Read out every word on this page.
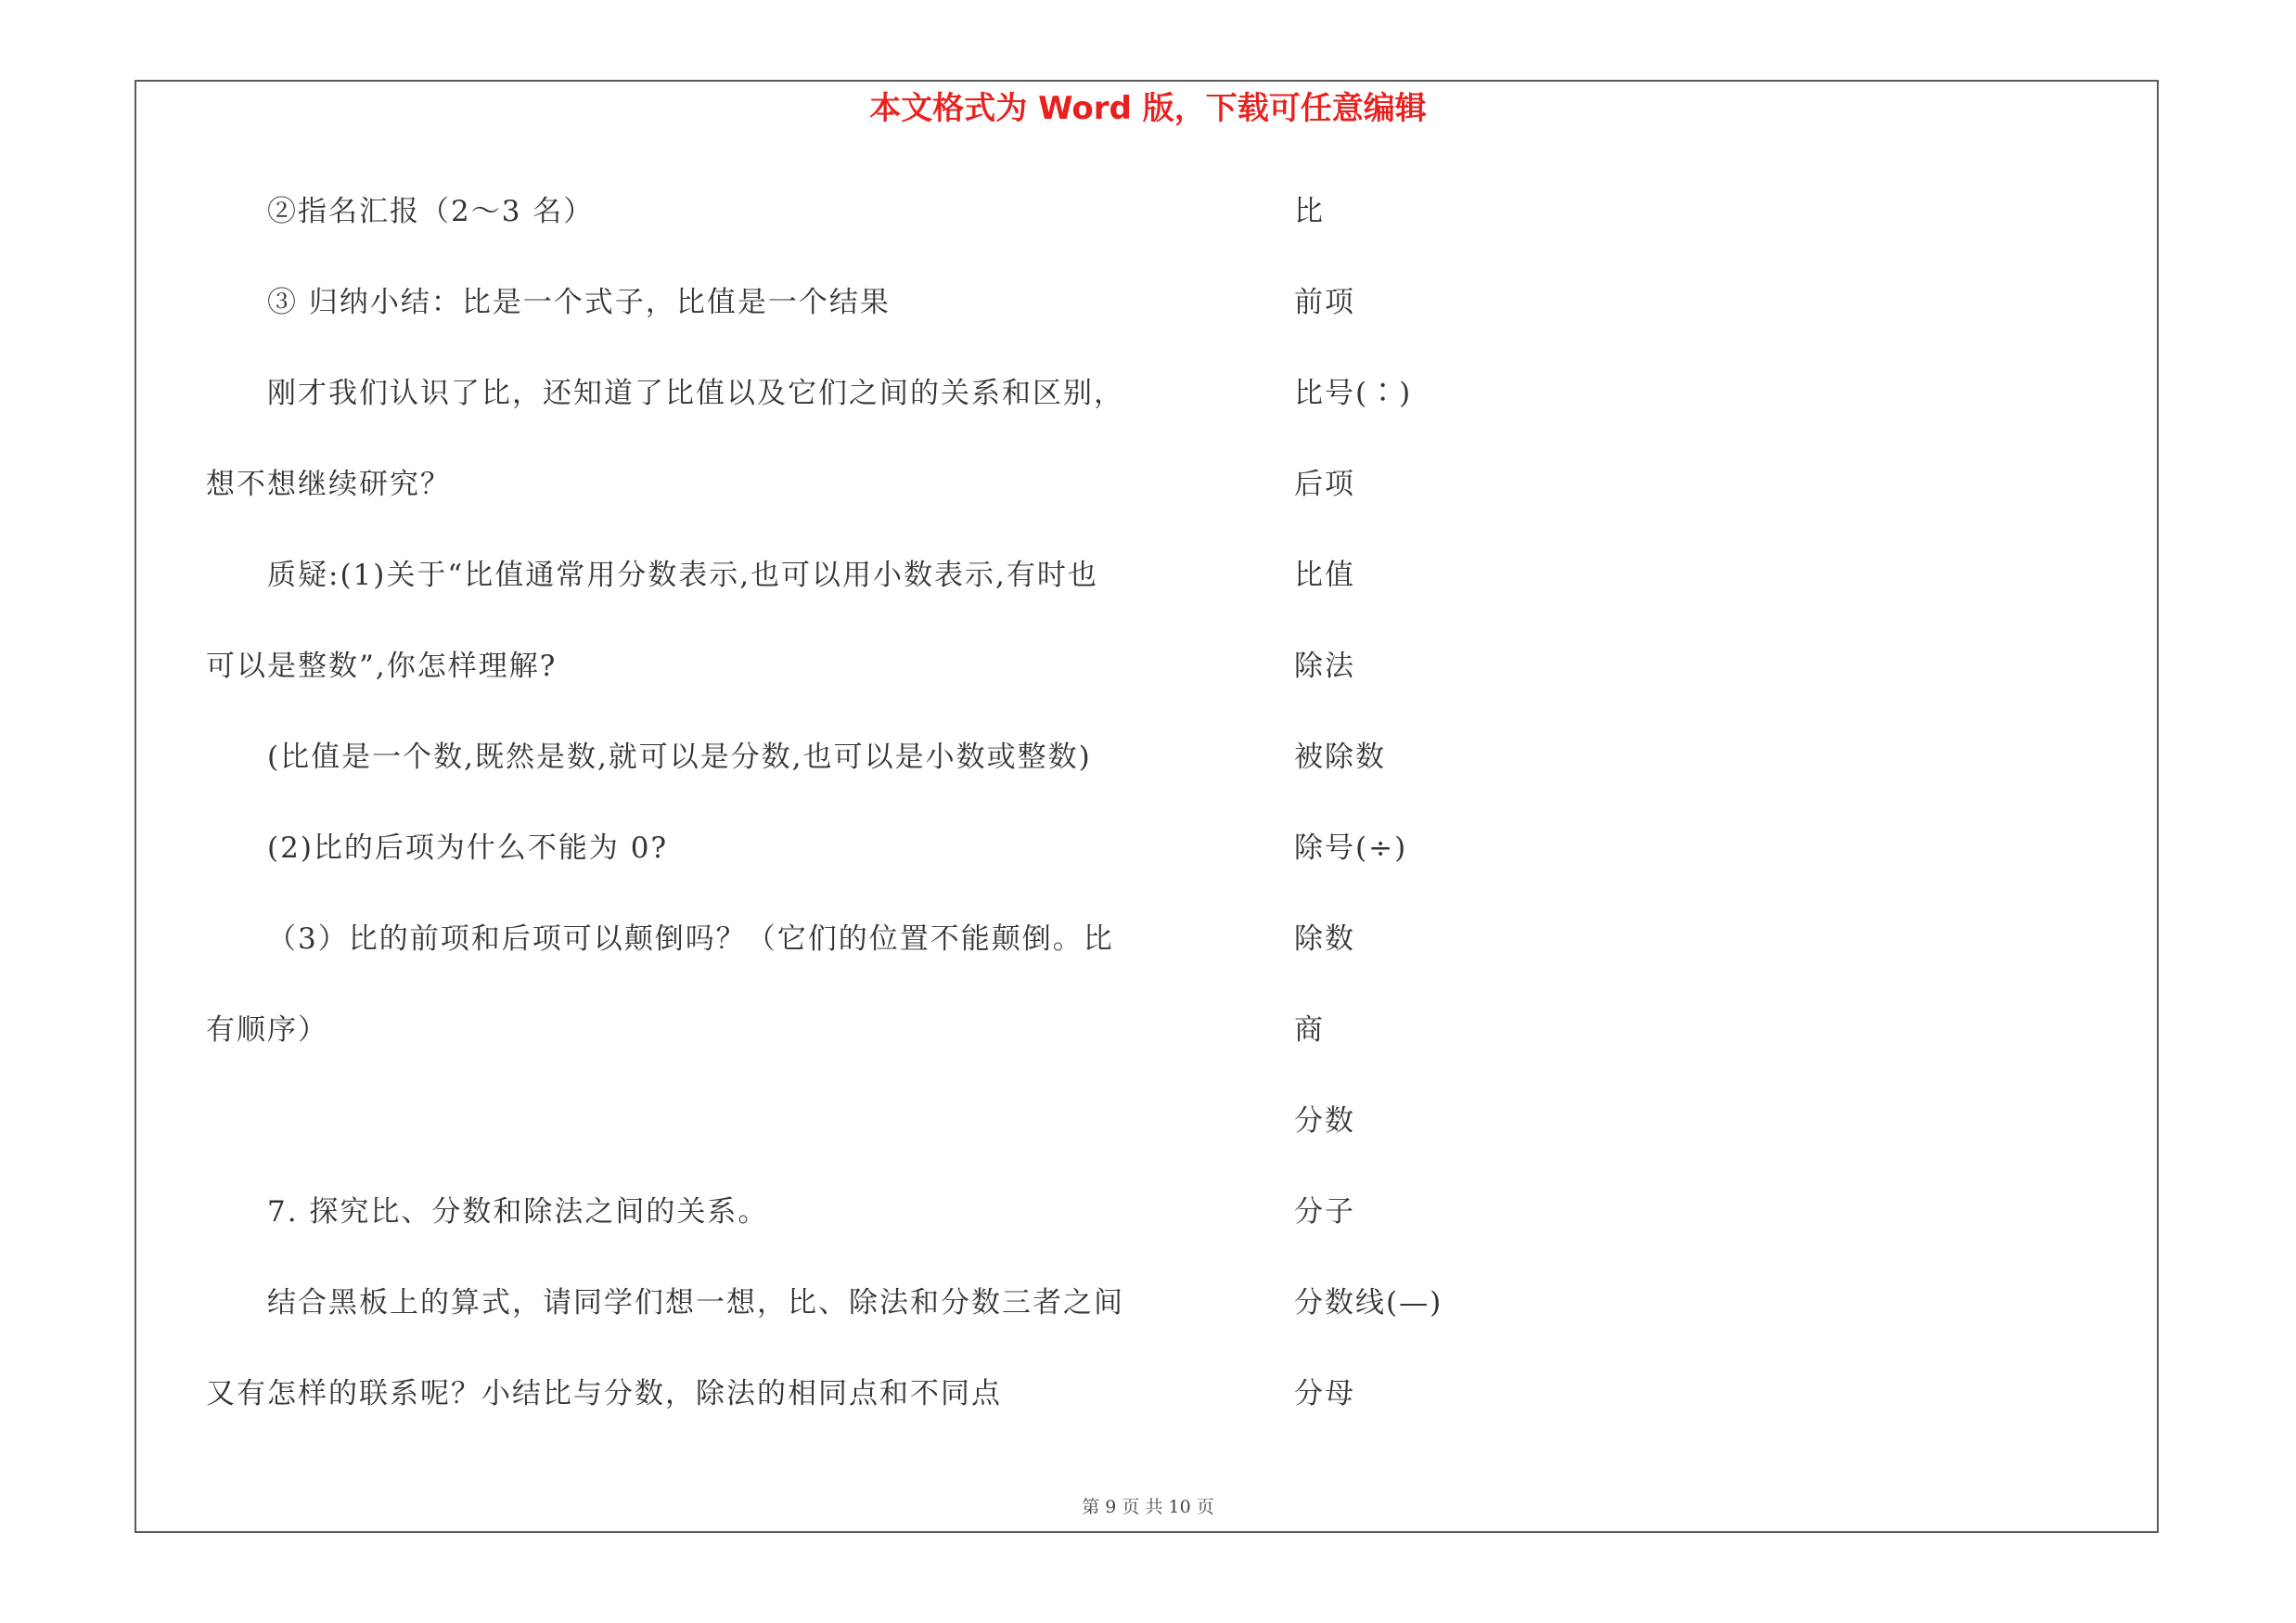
本文格式为 Word 版，下载可任意编辑
②指名汇报（2～3 名）
③ 归纳小结：比是一个式子，比值是一个结果
刚才我们认识了比，还知道了比值以及它们之间的关系和区别，
想不想继续研究？
质疑:(1)关于“比值通常用分数表示,也可以用小数表示,有时也
可以是整数”,你怎样理解?
(比值是一个数,既然是数,就可以是分数,也可以是小数或整数)
(2)比的后项为什么不能为 0?
（3）比的前项和后项可以颠倒吗？（它们的位置不能颠倒。比
有顺序）
7. 探究比、分数和除法之间的关系。
结合黑板上的算式，请同学们想一想，比、除法和分数三者之间
又有怎样的联系呢？小结比与分数，除法的相同点和不同点
比
前项
比号(∶)
后项
比值
除法
被除数
除号(÷)
除数
商
分数
分子
分数线(—)
分母
第 9 页 共 10 页
